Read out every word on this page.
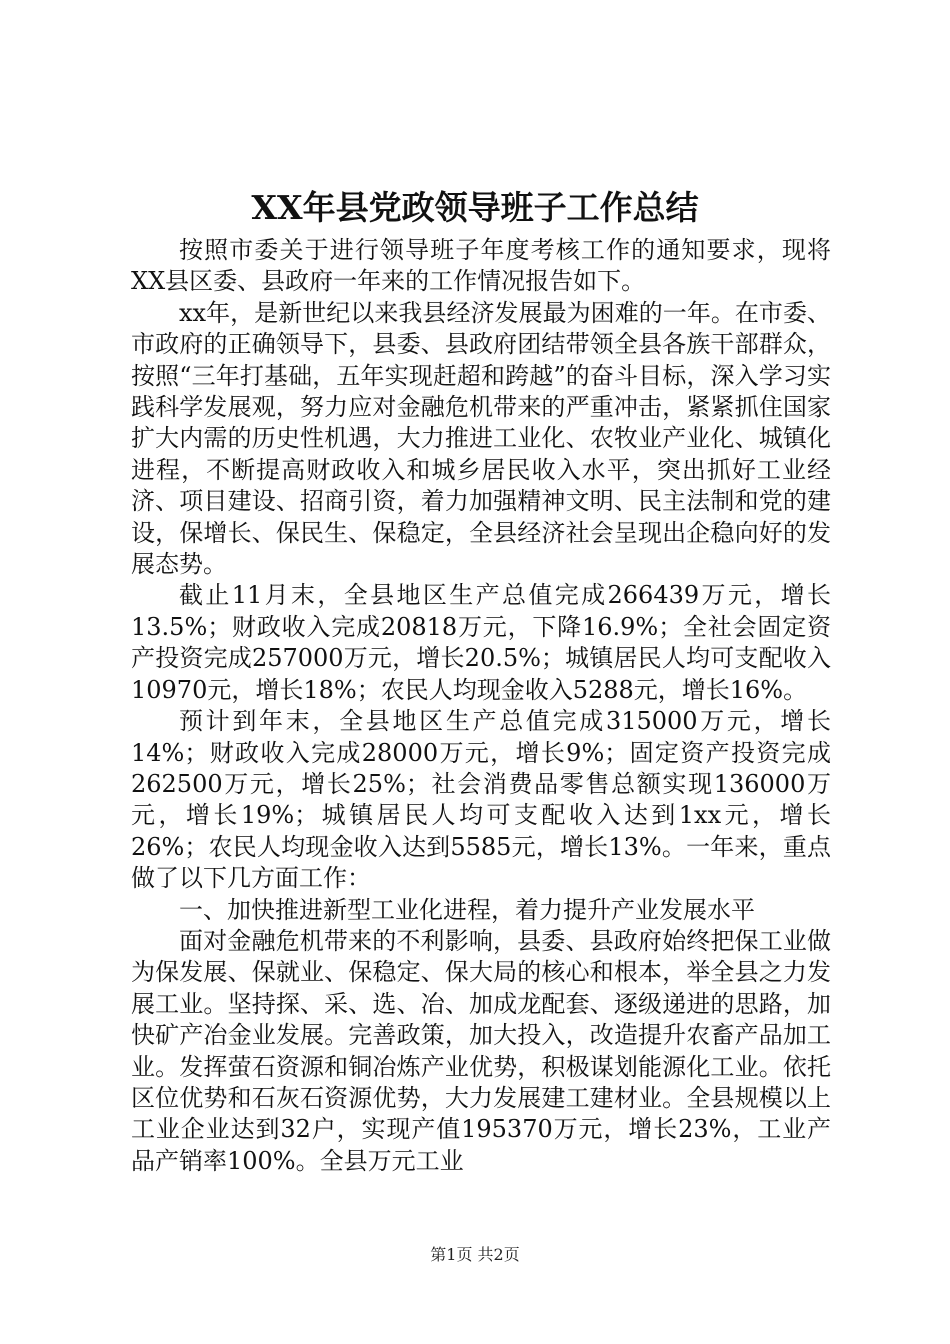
XX年县党政领导班子工作总结

按照市委关于进行领导班子年度考核工作的通知要求，现将XX县区委、县政府一年来的工作情况报告如下。

xx年，是新世纪以来我县经济发展最为困难的一年。在市委、市政府的正确领导下，县委、县政府团结带领全县各族干部群众，按照“三年打基础，五年实现赶超和跨越”的奋斗目标，深入学习实践科学发展观，努力应对金融危机带来的严重冲击，紧紧抓住国家扩大内需的历史性机遇，大力推进工业化、农牧业产业化、城镇化进程，不断提高财政收入和城乡居民收入水平，突出抓好工业经济、项目建设、招商引资，着力加强精神文明、民主法制和党的建设，保增长、保民生、保稳定，全县经济社会呈现出企稳向好的发展态势。

截止11月末，全县地区生产总值完成266439万元，增长13.5%；财政收入完成20818万元，下降16.9%；全社会固定资产投资完成257000万元，增长20.5%；城镇居民人均可支配收入10970元，增长18%；农民人均现金收入5288元，增长16%。

预计到年末，全县地区生产总值完成315000万元，增长14%；财政收入完成28000万元，增长9%；固定资产投资完成262500万元，增长25%；社会消费品零售总额实现136000万元，增长19%；城镇居民人均可支配收入达到1xx元，增长26%；农民人均现金收入达到5585元，增长13%。一年来，重点做了以下几方面工作：

一、加快推进新型工业化进程，着力提升产业发展水平

面对金融危机带来的不利影响，县委、县政府始终把保工业做为保发展、保就业、保稳定、保大局的核心和根本，举全县之力发展工业。坚持探、采、选、冶、加成龙配套、逐级递进的思路，加快矿产冶金业发展。完善政策，加大投入，改造提升农畜产品加工业。发挥萤石资源和铜冶炼产业优势，积极谋划能源化工业。依托区位优势和石灰石资源优势，大力发展建工建材业。全县规模以上工业企业达到32户，实现产值195370万元，增长23%，工业产品产销率100%。全县万元工业

第1页 共2页
